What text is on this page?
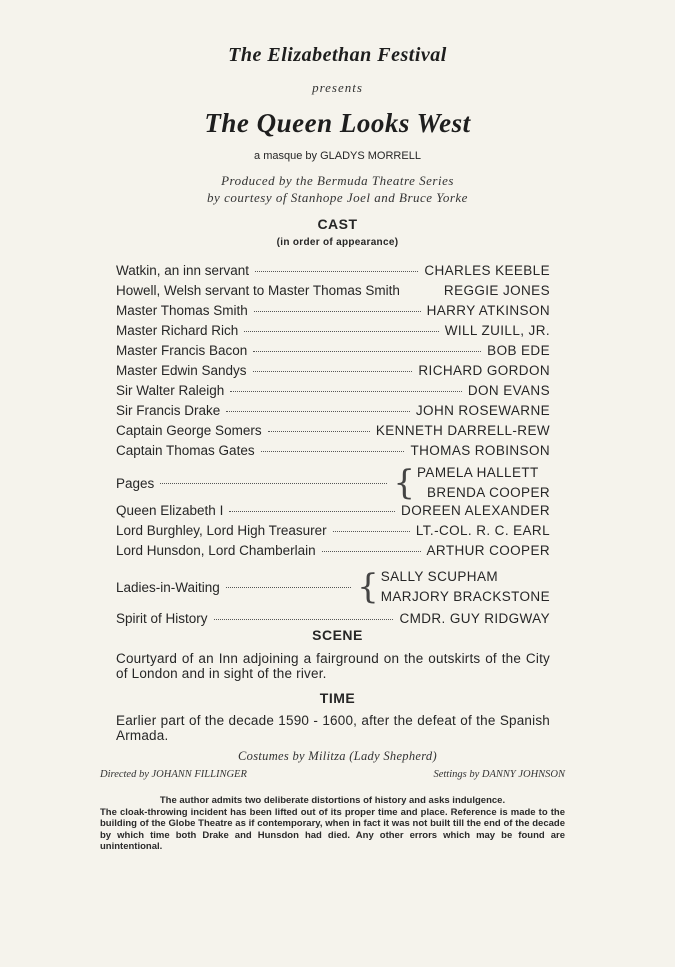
The Elizabethan Festival
presents
The Queen Looks West
a masque by GLADYS MORRELL
Produced by the Bermuda Theatre Series
by courtesy of Stanhope Joel and Bruce Yorke
CAST
(in order of appearance)
Watkin, an inn servant	CHARLES KEEBLE
Howell, Welsh servant to Master Thomas Smith	REGGIE JONES
Master Thomas Smith	HARRY ATKINSON
Master Richard Rich	WILL ZUILL, JR.
Master Francis Bacon	BOB EDE
Master Edwin Sandys	RICHARD GORDON
Sir Walter Raleigh	DON EVANS
Sir Francis Drake	JOHN ROSEWARNE
Captain George Somers	KENNETH DARRELL-REW
Captain Thomas Gates	THOMAS ROBINSON
Pages	{ PAMELA HALLETT
BRENDA COOPER
Queen Elizabeth I	DOREEN ALEXANDER
Lord Burghley, Lord High Treasurer	LT.-COL. R. C. EARL
Lord Hunsdon, Lord Chamberlain	ARTHUR COOPER
Ladies-in-Waiting	{ SALLY SCUPHAM
MARJORY BRACKSTONE
Spirit of History	CMDR. GUY RIDGWAY
SCENE
Courtyard of an Inn adjoining a fairground on the outskirts of the City of London and in sight of the river.
TIME
Earlier part of the decade 1590 - 1600, after the defeat of the Spanish Armada.
Costumes by Militza (Lady Shepherd)
Directed by JOHANN FILLINGER	Settings by DANNY JOHNSON
The author admits two deliberate distortions of history and asks indulgence.
The cloak-throwing incident has been lifted out of its proper time and place. Reference is made to the building of the Globe Theatre as if contemporary, when in fact it was not built till the end of the decade by which time both Drake and Hunsdon had died. Any other errors which may be found are unintentional.
